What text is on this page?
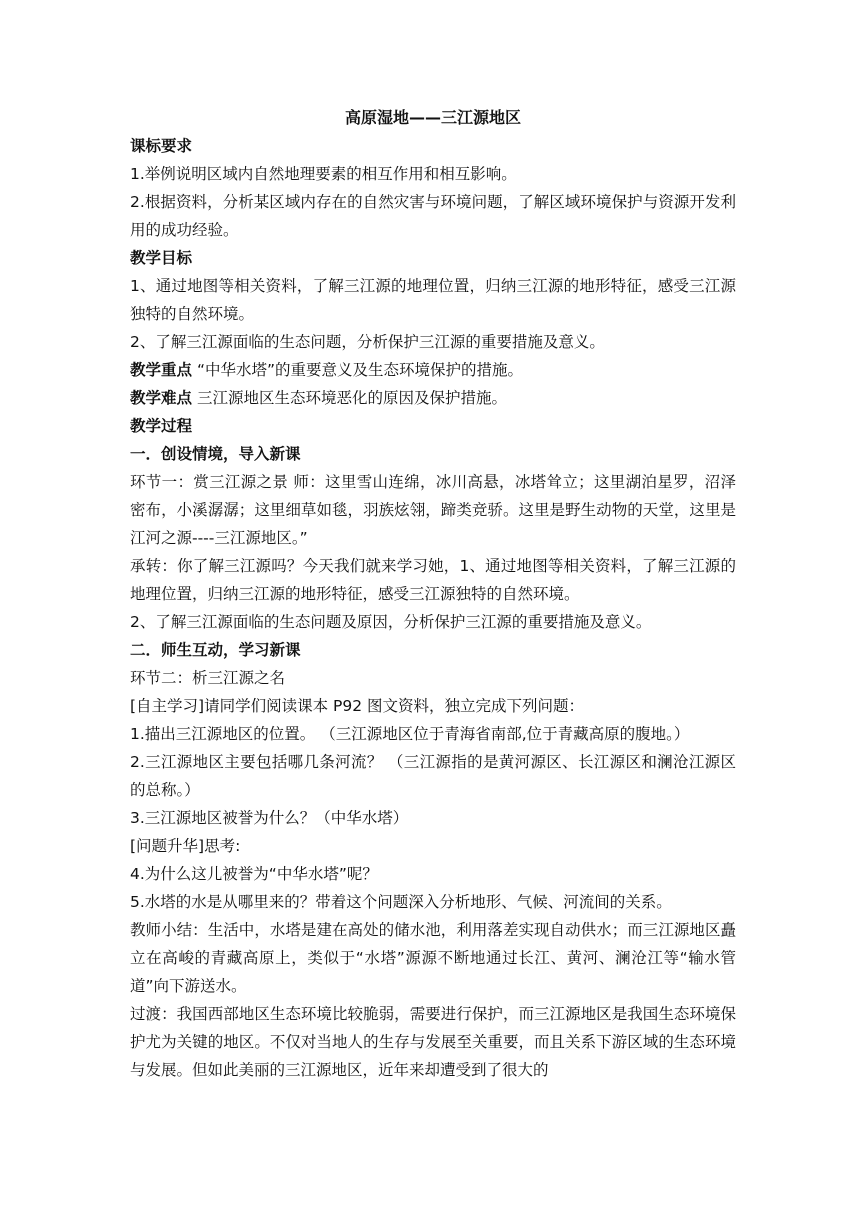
高原湿地——三江源地区

课标要求

1.举例说明区域内自然地理要素的相互作用和相互影响。

2.根据资料，分析某区域内存在的自然灾害与环境问题，了解区域环境保护与资源开发利用的成功经验。

教学目标

1、通过地图等相关资料，了解三江源的地理位置，归纳三江源的地形特征，感受三江源独特的自然环境。

2、了解三江源面临的生态问题，分析保护三江源的重要措施及意义。

教学重点 “中华水塔”的重要意义及生态环境保护的措施。

教学难点 三江源地区生态环境恶化的原因及保护措施。

教学过程

一．创设情境，导入新课

环节一：赏三江源之景 师：这里雪山连绵，冰川高悬，冰塔耸立；这里湖泊星罗，沼泽密布，小溪潺潺；这里细草如毯，羽族炫翎，蹄类竞骄。这里是野生动物的天堂，这里是江河之源----三江源地区。”

承转：你了解三江源吗？今天我们就来学习她，1、通过地图等相关资料，了解三江源的地理位置，归纳三江源的地形特征，感受三江源独特的自然环境。

2、了解三江源面临的生态问题及原因，分析保护三江源的重要措施及意义。

二．师生互动，学习新课

环节二：析三江源之名

[自主学习]请同学们阅读课本 P92 图文资料，独立完成下列问题：

1.描出三江源地区的位置。 （三江源地区位于青海省南部,位于青藏高原的腹地。）

2.三江源地区主要包括哪几条河流？ （三江源指的是黄河源区、长江源区和澜沧江源区的总称。）

3.三江源地区被誉为什么？（中华水塔）

[问题升华]思考:

4.为什么这儿被誉为“中华水塔”呢？

5.水塔的水是从哪里来的？带着这个问题深入分析地形、气候、河流间的关系。

教师小结：生活中，水塔是建在高处的储水池，利用落差实现自动供水；而三江源地区矗立在高峻的青藏高原上，类似于“水塔”源源不断地通过长江、黄河、澜沧江等“输水管道”向下游送水。

过渡：我国西部地区生态环境比较脆弱，需要进行保护，而三江源地区是我国生态环境保护尤为关键的地区。不仅对当地人的生存与发展至关重要，而且关系下游区域的生态环境与发展。但如此美丽的三江源地区，近年来却遭受到了很大的
